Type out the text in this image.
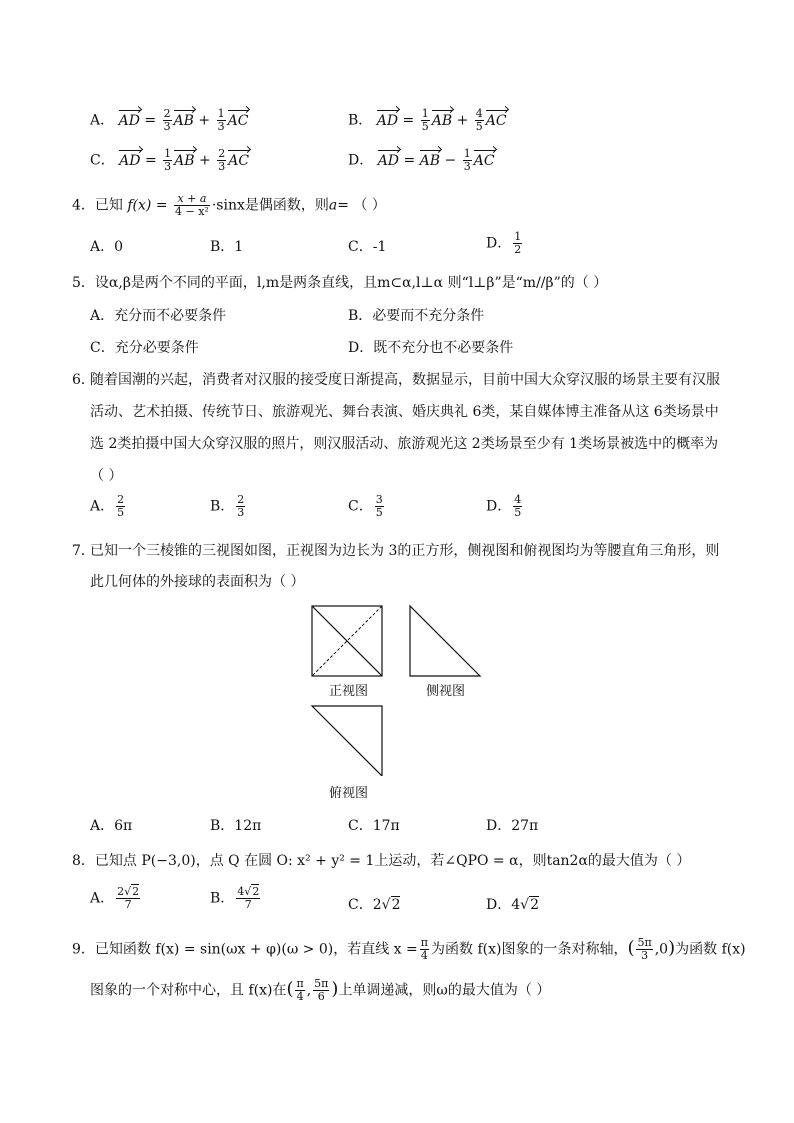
A． AD = $\frac{2}{3}$ AB + $\frac{1}{3}$ AC	B． AD = $\frac{1}{5}$ AB + $\frac{4}{5}$ AC
C． AD = $\frac{1}{3}$ AB + $\frac{2}{3}$ AC	D． AD = AB − $\frac{1}{3}$ AC
4．已知 $f(x) = \frac{x + a}{\text{4 − x²}} \cdot\sin x$是偶函数，则a= （ ）
A．0	B．1	C．-1	D． $\frac{1}{2}$
5．设α,β是两个不同的平面，l,m是两条直线，且m⊂α,l⊥α 则“l⊥β”是“m//β”的（ ）
A．充分而不必要条件	B．必要而不充分条件
C．充分必要条件	D．既不充分也不必要条件
6．
随着国潮的兴起，消费者对汉服的接受度日渐提高，数据显示，目前中国大众穿汉服的场景主要有汉服
活动、艺术拍摄、传统节日、旅游观光、舞台表演、婚庆典礼 6类，某自媒体博主准备从这 6类场景中
选 2类拍摄中国大众穿汉服的照片，则汉服活动、旅游观光这 2类场景至少有 1类场景被选中的概率为
（ ）
A． $\frac{2}{5}$	B． $\frac{2}{3}$	C． $\frac{3}{5}$	D． $\frac{4}{5}$
7．
已知一个三棱锥的三视图如图，正视图为边长为 3的正方形，侧视图和俯视图均为等腰直角三角形，则
此几何体的外接球的表面积为（ ）
正视图	侧视图
俯视图
A．6π	B．12π	C．17π	D．27π
8．已知点 P(−3,0)，点 Q 在圆 O: x² + y² = 1上运动，若∠QPO = α，则tan2α的最大值为（ ）
A． $\frac{2√2}{7}$	B． $\frac{4√2}{7}$	C．2√2	D．4√2
9．已知函数 f(x) = sin(ωx + φ)(ω > 0)，若直线 $x = \frac{\pi}{4}$ 为函数 f(x)图象的一条对称轴，( $\frac{5\pi}{3} ,0$)为函数 f(x)
图象的一个对称中心，且 f(x)在( $\frac{\pi}{4}$ , $\frac{5\pi}{6}$ )上单调递减，则ω的最大值为（ ）
